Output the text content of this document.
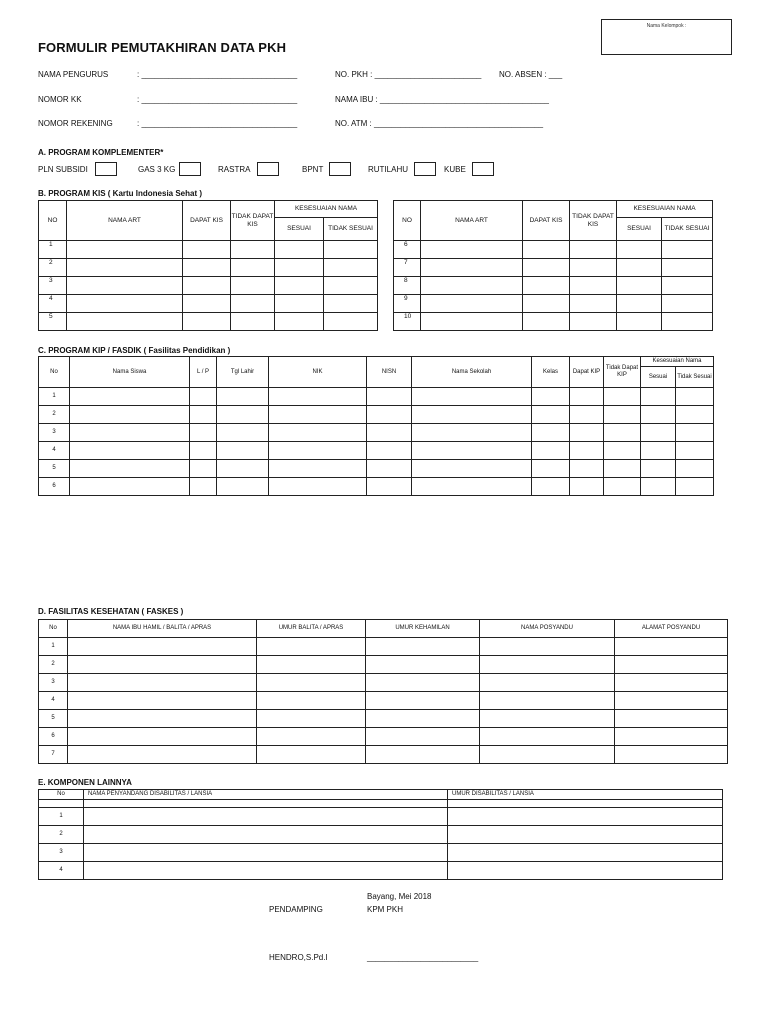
Nama Kelompok :
FORMULIR PEMUTAKHIRAN DATA PKH
NAMA PENGURUS	: ___________________________________	NO. PKH : ________________________ NO. ABSEN : ___
NOMOR KK	: ___________________________________	NAMA IBU : ______________________________________
NOMOR REKENING	: ___________________________________	NO. ATM : ______________________________________
A. PROGRAM KOMPLEMENTER*
PLN SUBSIDI	GAS 3 KG	RASTRA	BPNT	RUTILAHU	KUBE
B. PROGRAM KIS ( Kartu Indonesia Sehat )
NO	NAMA ART	DAPAT KIS	TIDAK DAPAT KIS	KESESUAIAN NAMA	
				SESUAI	TIDAK SESUAI
1					
2					
3					
4					
5					
NO	NAMA ART	DAPAT KIS	TIDAK DAPAT KIS	KESESUAIAN NAMA	
				SESUAI	TIDAK SESUAI
6					
7					
8					
9					
10					
C. PROGRAM KIP / FASDIK ( Fasilitas Pendidikan )
No	Nama Siswa	L / P	Tgl Lahir	NIK	NISN	Nama Sekolah	Kelas	Dapat KIP	Tidak Dapat KIP	Kesesuaian Nama	
										Sesuai	Tidak Sesuai
1											
2											
3											
4											
5											
6											
D. FASILITAS KESEHATAN ( FASKES )
No	NAMA IBU HAMIL / BALITA / APRAS	UMUR BALITA / APRAS	UMUR KEHAMILAN	NAMA POSYANDU	ALAMAT POSYANDU
1					
2					
3					
4					
5					
6					
7					
E. KOMPONEN LAINNYA
No	NAMA PENYANDANG DISABILITAS / LANSIA	UMUR DISABILITAS / LANSIA

1		
2		
3		
4		
Bayang, Mei 2018
PENDAMPING	KPM PKH
HENDRO,S.Pd.I	_________________________
